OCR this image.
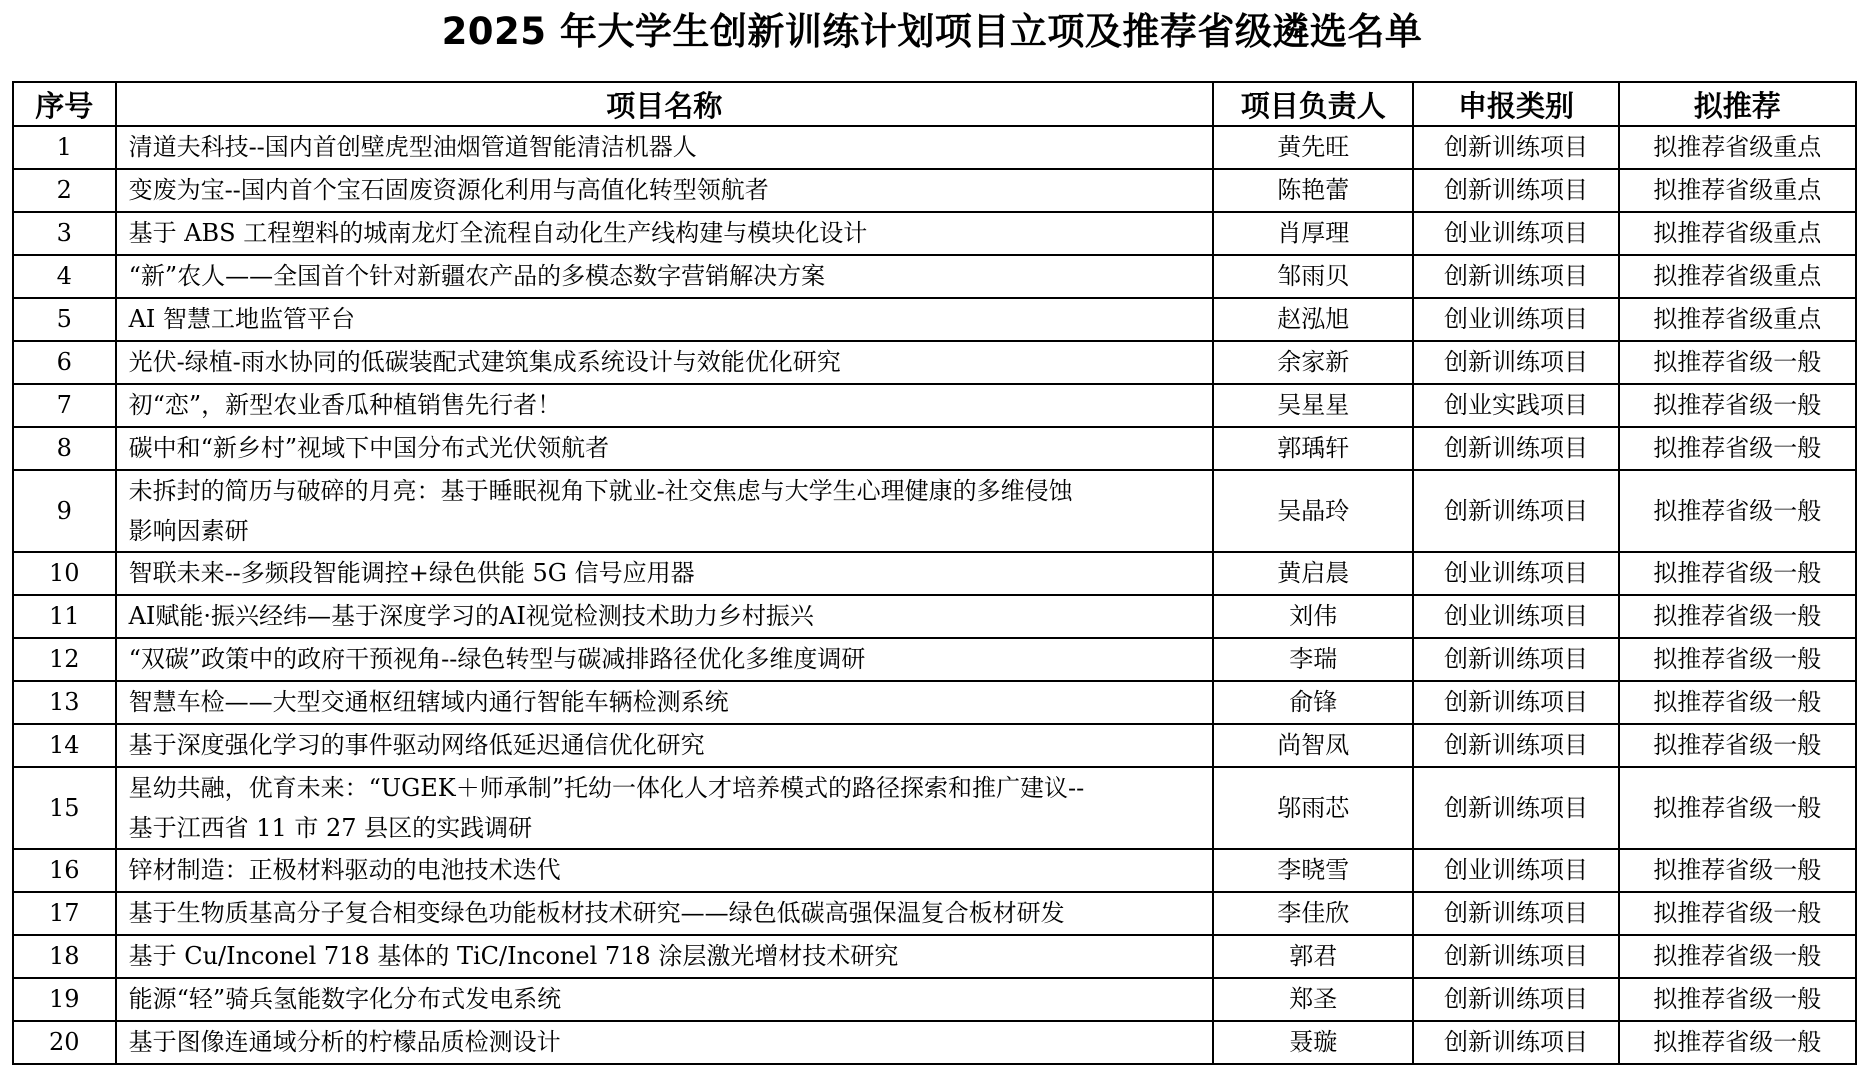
2025 年大学生创新训练计划项目立项及推荐省级遴选名单
序号	项目名称	项目负责人	申报类别	拟推荐
1	清道夫科技--国内首创壁虎型油烟管道智能清洁机器人	黄先旺	创新训练项目	拟推荐省级重点
2	变废为宝--国内首个宝石固废资源化利用与高值化转型领航者	陈艳蕾	创新训练项目	拟推荐省级重点
3	基于 ABS 工程塑料的城南龙灯全流程自动化生产线构建与模块化设计	肖厚理	创业训练项目	拟推荐省级重点
4	“新”农人——全国首个针对新疆农产品的多模态数字营销解决方案	邹雨贝	创新训练项目	拟推荐省级重点
5	AI 智慧工地监管平台	赵泓旭	创业训练项目	拟推荐省级重点
6	光伏-绿植-雨水协同的低碳装配式建筑集成系统设计与效能优化研究	余家新	创新训练项目	拟推荐省级一般
7	初“恋”，新型农业香瓜种植销售先行者！	吴星星	创业实践项目	拟推荐省级一般
8	碳中和“新乡村”视域下中国分布式光伏领航者	郭瑀轩	创新训练项目	拟推荐省级一般
9	未拆封的简历与破碎的月亮：基于睡眠视角下就业-社交焦虑与大学生心理健康的多维侵蚀
影响因素研	吴晶玲	创新训练项目	拟推荐省级一般
10	智联未来--多频段智能调控+绿色供能 5G 信号应用器	黄启晨	创业训练项目	拟推荐省级一般
11	AI赋能·振兴经纬—基于深度学习的AI视觉检测技术助力乡村振兴	刘伟	创业训练项目	拟推荐省级一般
12	“双碳”政策中的政府干预视角--绿色转型与碳减排路径优化多维度调研	李瑞	创新训练项目	拟推荐省级一般
13	智慧车检——大型交通枢纽辖域内通行智能车辆检测系统	俞锋	创新训练项目	拟推荐省级一般
14	基于深度强化学习的事件驱动网络低延迟通信优化研究	尚智凤	创新训练项目	拟推荐省级一般
15	星幼共融，优育未来：“UGEK＋师承制”托幼一体化人才培养模式的路径探索和推广建议--
基于江西省 11 市 27 县区的实践调研	邬雨芯	创新训练项目	拟推荐省级一般
16	锌材制造：正极材料驱动的电池技术迭代	李晓雪	创业训练项目	拟推荐省级一般
17	基于生物质基高分子复合相变绿色功能板材技术研究——绿色低碳高强保温复合板材研发	李佳欣	创新训练项目	拟推荐省级一般
18	基于 Cu/Inconel 718 基体的 TiC/Inconel 718 涂层激光增材技术研究	郭君	创新训练项目	拟推荐省级一般
19	能源“轻”骑兵氢能数字化分布式发电系统	郑圣	创新训练项目	拟推荐省级一般
20	基于图像连通域分析的柠檬品质检测设计	聂璇	创新训练项目	拟推荐省级一般
